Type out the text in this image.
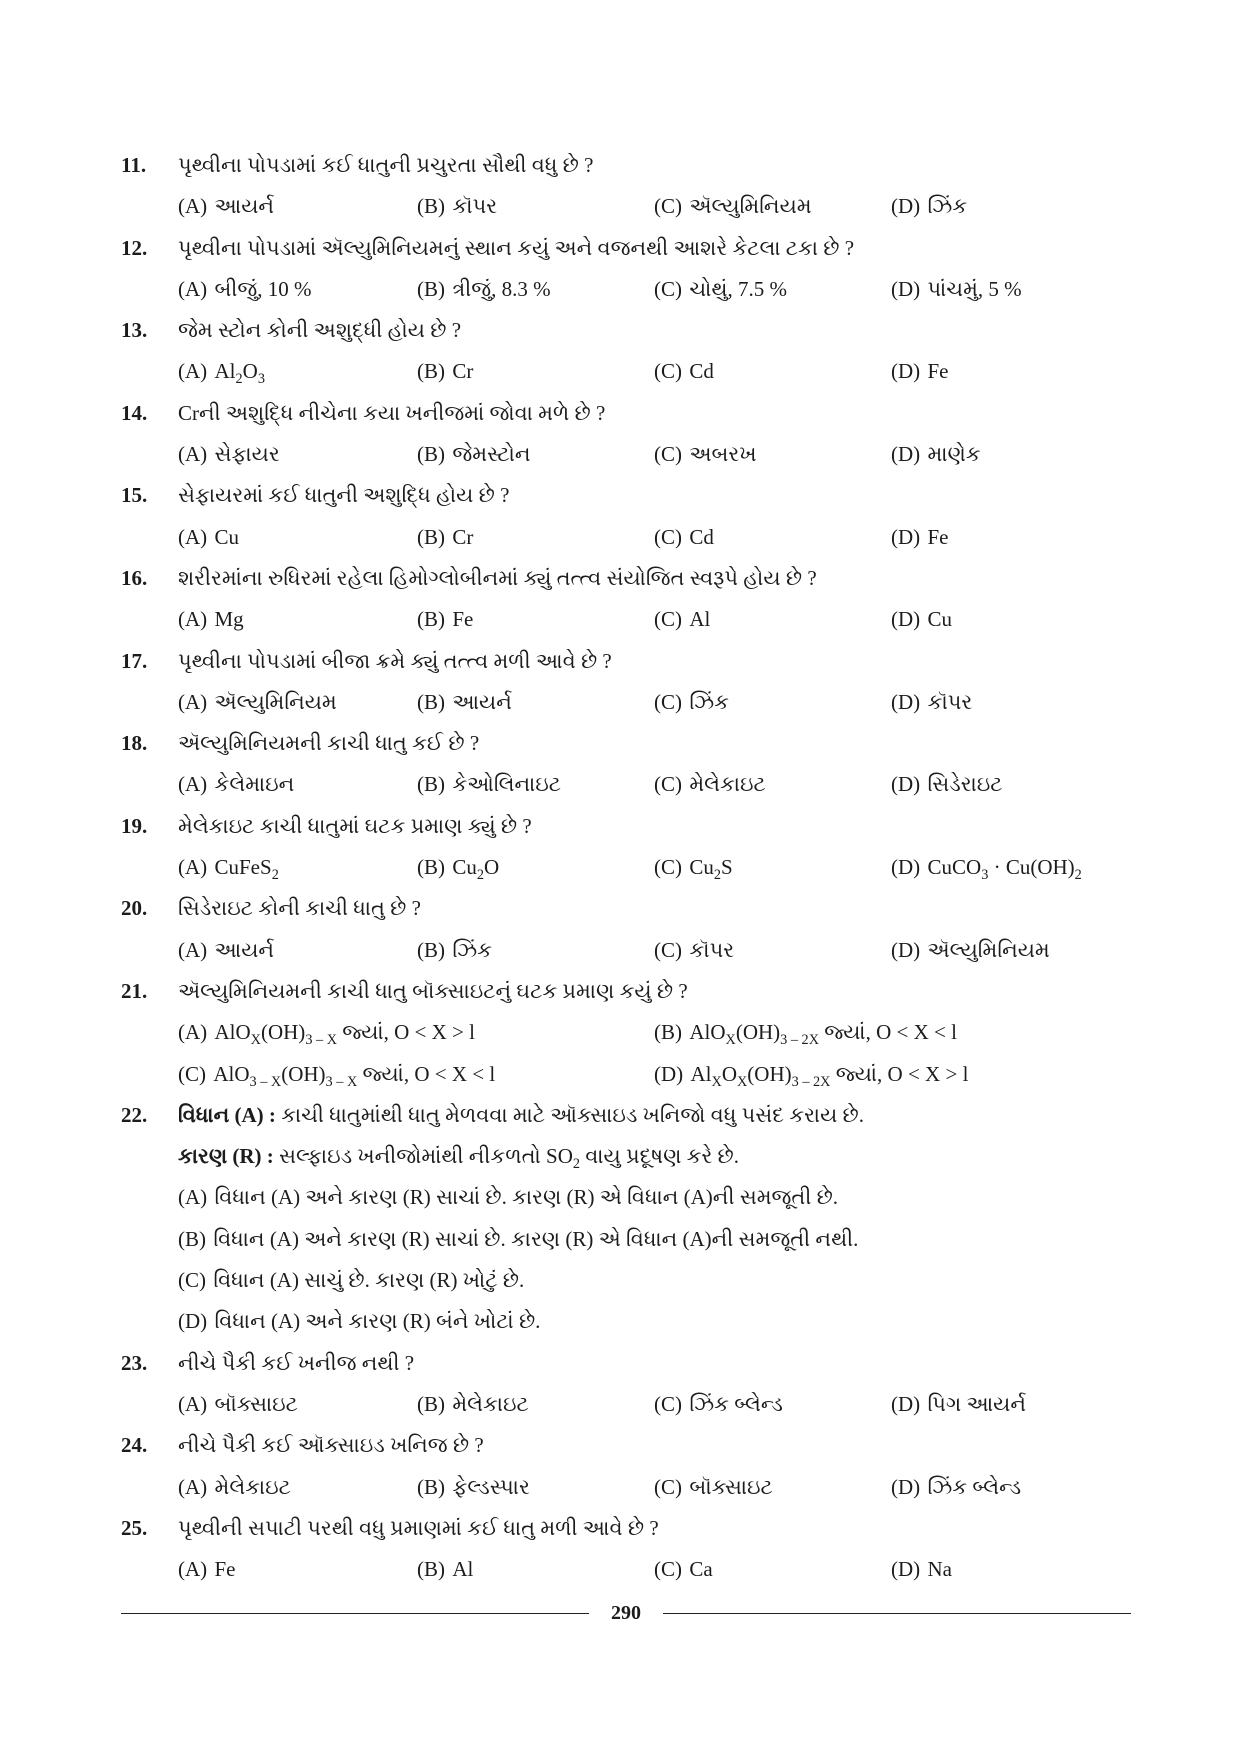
11. પૃથ્વીના પોપડામાં કઈ ધાતુની પ્રચુરતા સૌથી વધુ છે ?
(A) આયર્ન	(B) કૉપર	(C) ઍલ્યુમિનિયમ	(D) ઝિંક
12. પૃથ્વીના પોપડામાં ઍલ્યુમિનિયમનું સ્થાન કયું અને વજનથી આશરે કેટલા ટકા છે ?
(A) બીજું, 10 %	(B) ત્રીજું, 8.3 %	(C) ચોથું, 7.5 %	(D) પાંચમું, 5 %
13. જેમ સ્ટોન કોની અશુદ્ધી હોય છે ?
(A) $Al_2O_3$	(B) Cr	(C) Cd	(D) Fe
14. Crની અશુદ્ધિ નીચેના કયા ખનીજમાં જોવા મળે છે ?
(A) સેફાયર	(B) જેમસ્ટોન	(C) અબરખ	(D) માણેક
15. સેફાયરમાં કઈ ધાતુની અશુદ્ધિ હોય છે ?
(A) Cu	(B) Cr	(C) Cd	(D) Fe
16. શરીરમાંના રુધિરમાં રહેલા હિમોગ્લોબીનમાં ક્યું તત્ત્વ સંયોજિત સ્વરૂપે હોય છે ?
(A) Mg	(B) Fe	(C) Al	(D) Cu
17. પૃથ્વીના પોપડામાં બીજા ક્રમે ક્યું તત્ત્વ મળી આવે છે ?
(A) ઍલ્યુમિનિયમ	(B) આયર્ન	(C) ઝિંક	(D) કૉપર
18. ઍલ્યુમિનિયમની કાચી ધાતુ કઈ છે ?
(A) કેલેમાઇન	(B) કેઓલિનાઇટ	(C) મેલેકાઇટ	(D) સિડેરાઇટ
19. મેલેકાઇટ કાચી ધાતુમાં ઘટક પ્રમાણ ક્યું છે ?
(A) CuFeS$_2$	(B) $Cu_2O$	(C) $Cu_2S$	(D) CuCO$_3$ · $Cu(OH)_2$
20. સિડેરાઇટ કોની કાચી ધાતુ છે ?
(A) આયર્ન	(B) ઝિંક	(C) કૉપર	(D) ઍલ્યુમિનિયમ
21. ઍલ્યુમિનિયમની કાચી ધાતુ બૉક્સાઇટનું ઘટક પ્રમાણ કયું છે ?
(A) $AlO_X(OH)_{3 - X}$ જ્યાં, O < X > l	(B) $AlO_X(OH)_{3 - 2X}$ જ્યાં, O < X < l
(C) $AlO_{3 - X}(OH)_{3 - X}$ જ્યાં, O < X < l	(D) $Al_XO_X(OH)_{3 - 2X}$ જ્યાં, O < X > l
22. વિધાન (A) : કાચી ધાતુમાંથી ધાતુ મેળવવા માટે ઑક્સાઇડ ખનિજો વધુ પસંદ કરાય છે.
કારણ (R) : સલ્ફાઇડ ખનીજોમાંથી નીકળતો $SO_2$ વાયુ પ્રદૂષણ કરે છે.
(A) વિધાન (A) અને કારણ (R) સાચાં છે. કારણ (R) એ વિધાન (A)ની સમજૂતી છે.
(B) વિધાન (A) અને કારણ (R) સાચાં છે. કારણ (R) એ વિધાન (A)ની સમજૂતી નથી.
(C) વિધાન (A) સાચું છે. કારણ (R) ખોટું છે.
(D) વિધાન (A) અને કારણ (R) બંને ખોટાં છે.
23. નીચે પૈકી કઈ ખનીજ નથી ?
(A) બૉક્સાઇટ	(B) મેલેકાઇટ	(C) ઝિંક બ્લેન્ડ	(D) પિગ આયર્ન
24. નીચે પૈકી કઈ ઑક્સાઇડ ખનિજ છે ?
(A) મેલેકાઇટ	(B) ફેલ્ડસ્પાર	(C) બૉક્સાઇટ	(D) ઝિંક બ્લેન્ડ
25. પૃથ્વીની સપાટી પરથી વધુ પ્રમાણમાં કઈ ધાતુ મળી આવે છે ?
(A) Fe	(B) Al	(C) Ca	(D) Na
290
